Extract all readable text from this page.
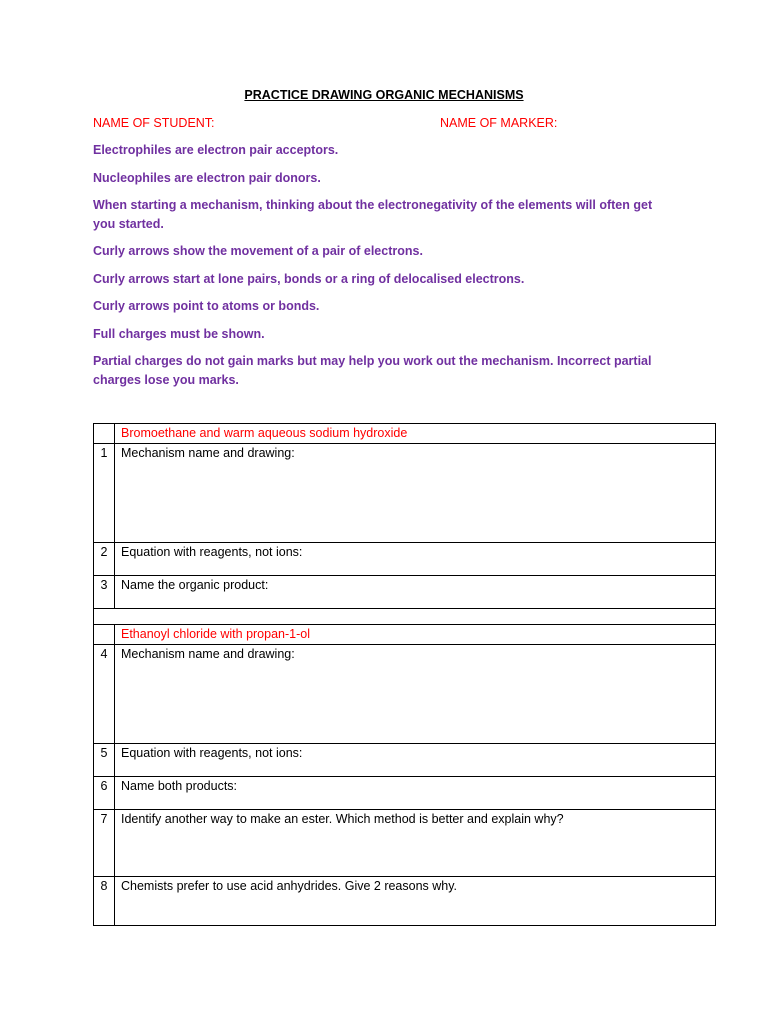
PRACTICE DRAWING ORGANIC MECHANISMS
NAME OF STUDENT:	NAME OF MARKER:

Electrophiles are electron pair acceptors.

Nucleophiles are electron pair donors.

When starting a mechanism, thinking about the electronegativity of the elements will often get you started.

Curly arrows show the movement of a pair of electrons.

Curly arrows start at lone pairs, bonds or a ring of delocalised electrons.

Curly arrows point to atoms or bonds.

Full charges must be shown.

Partial charges do not gain marks but may help you work out the mechanism. Incorrect partial charges lose you marks.

	Bromoethane and warm aqueous sodium hydroxide
1	Mechanism name and drawing:
2	Equation with reagents, not ions:
3	Name the organic product:

	Ethanoyl chloride with propan-1-ol
4	Mechanism name and drawing:
5	Equation with reagents, not ions:
6	Name both products:
7	Identify another way to make an ester. Which method is better and explain why?
8	Chemists prefer to use acid anhydrides. Give 2 reasons why.
